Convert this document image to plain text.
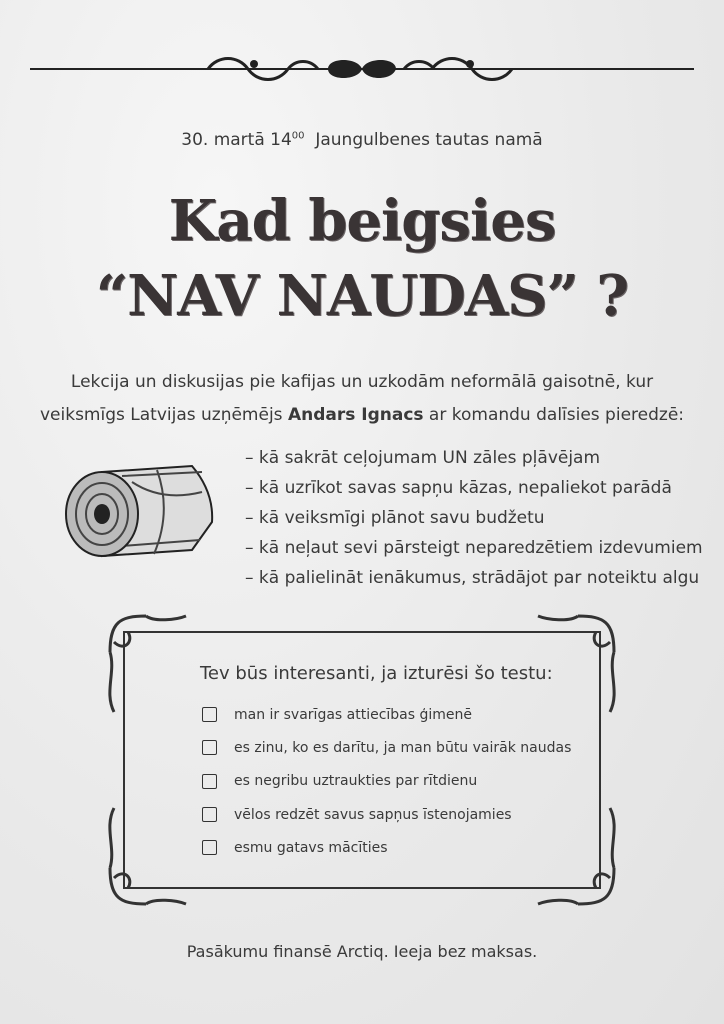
30. martā $14^{00}$ Jaungulbenes tautas namā
Kad beigsies
“NAV NAUDAS” ?
Lekcija un diskusijas pie kafijas un uzkodām neformālā gaisotnē, kur
veiksmīgs Latvijas uzņēmējs Andars Ignacs ar komandu dalīsies pieredzē:
– kā sakrāt ceļojumam UN zāles pļāvējam
– kā uzrīkot savas sapņu kāzas, nepaliekot parādā
– kā veiksmīgi plānot savu budžetu
– kā neļaut sevi pārsteigt neparedzētiem izdevumiem
– kā palielināt ienākumus, strādājot par noteiktu algu
Tev būs interesanti, ja izturēsi šo testu:
man ir svarīgas attiecības ģimenē
es zinu, ko es darītu, ja man būtu vairāk naudas
es negribu uztraukties par rītdienu
vēlos redzēt savus sapņus īstenojamies
esmu gatavs mācīties
Pasākumu finansē Arctiq. Ieeja bez maksas.
